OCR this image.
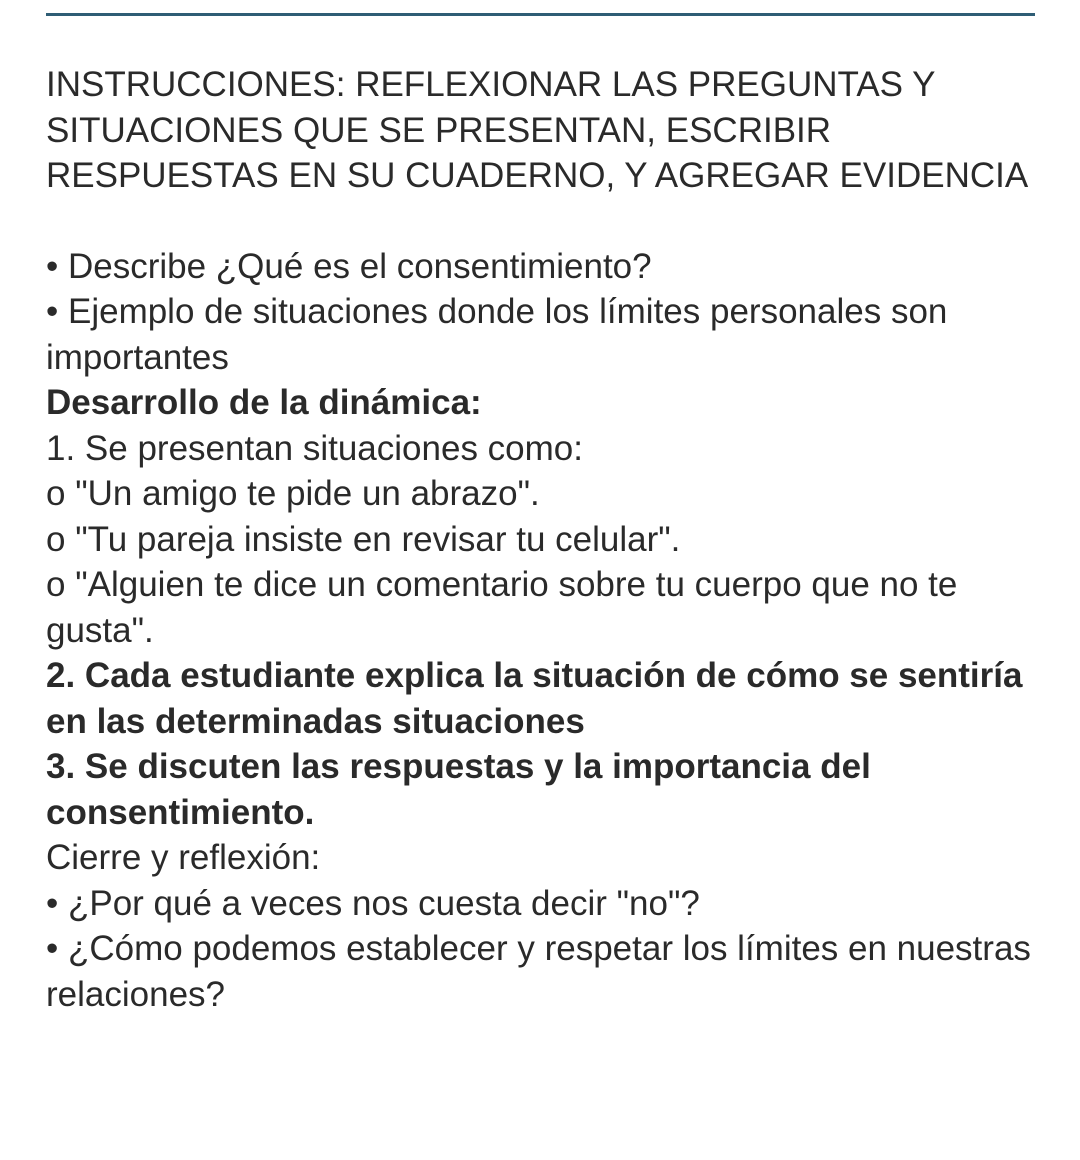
INSTRUCCIONES: REFLEXIONAR LAS PREGUNTAS Y SITUACIONES QUE SE PRESENTAN, ESCRIBIR RESPUESTAS EN SU CUADERNO, Y AGREGAR EVIDENCIA

• Describe ¿Qué es el consentimiento?

• Ejemplo de situaciones donde los límites personales son importantes

Desarrollo de la dinámica:

1. Se presentan situaciones como:

o "Un amigo te pide un abrazo".

o "Tu pareja insiste en revisar tu celular".

o "Alguien te dice un comentario sobre tu cuerpo que no te gusta".

2. Cada estudiante explica la situación de cómo se sentiría en las determinadas situaciones

3. Se discuten las respuestas y la importancia del consentimiento.

Cierre y reflexión:

• ¿Por qué a veces nos cuesta decir "no"?

• ¿Cómo podemos establecer y respetar los límites en nuestras relaciones?
